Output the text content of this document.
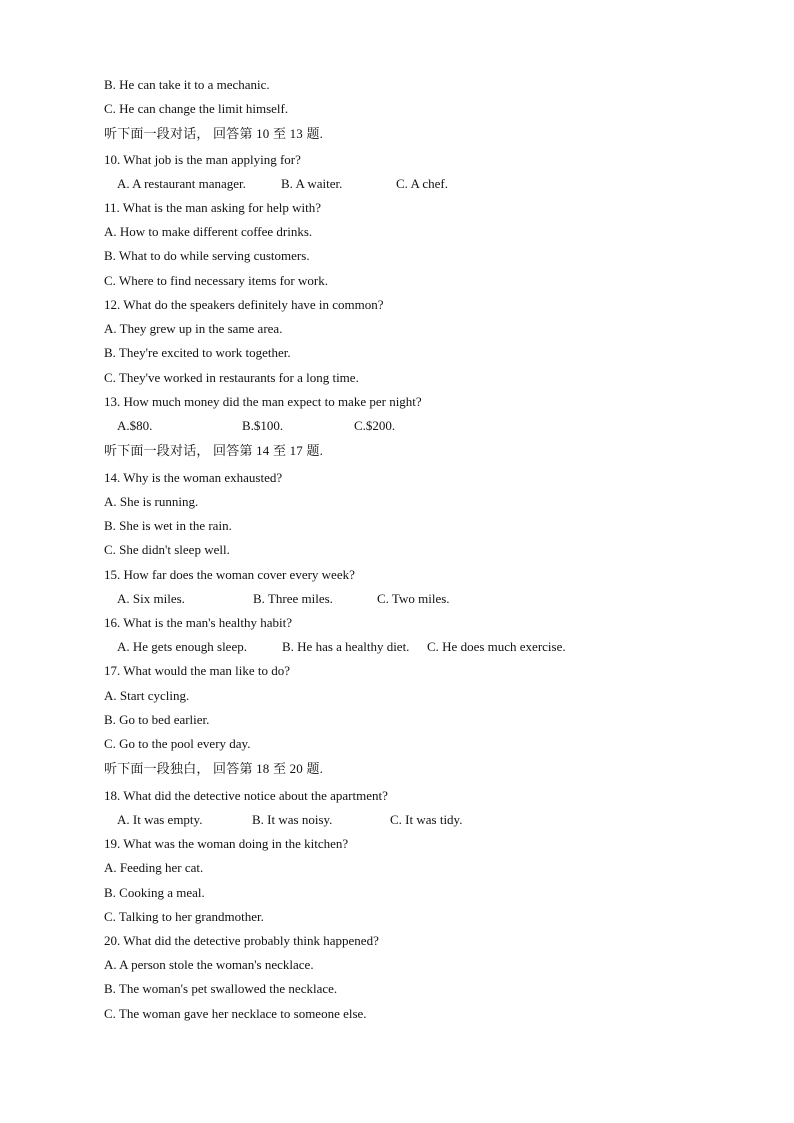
B. He can take it to a mechanic.
C. He can change the limit himself.
听下面一段对话， 回答第 10 至 13 题.
10. What job is the man applying for?
A. A restaurant manager.	B. A waiter.	C. A chef.
11. What is the man asking for help with?
A. How to make different coffee drinks.
B. What to do while serving customers.
C. Where to find necessary items for work.
12. What do the speakers definitely have in common?
A. They grew up in the same area.
B. They're excited to work together.
C. They've worked in restaurants for a long time.
13. How much money did the man expect to make per night?
A.$80.	B.$100.	C.$200.
听下面一段对话， 回答第 14 至 17 题.
14. Why is the woman exhausted?
A. She is running.
B. She is wet in the rain.
C. She didn't sleep well.
15. How far does the woman cover every week?
A. Six miles.	B. Three miles.	C. Two miles.
16. What is the man's healthy habit?
A. He gets enough sleep.	B. He has a healthy diet. C. He does much exercise.
17. What would the man like to do?
A. Start cycling.
B. Go to bed earlier.
C. Go to the pool every day.
听下面一段独白， 回答第 18 至 20 题.
18. What did the detective notice about the apartment?
A. It was empty.	B. It was noisy.	C. It was tidy.
19. What was the woman doing in the kitchen?
A. Feeding her cat.
B. Cooking a meal.
C. Talking to her grandmother.
20. What did the detective probably think happened?
A. A person stole the woman's necklace.
B. The woman's pet swallowed the necklace.
C. The woman gave her necklace to someone else.
